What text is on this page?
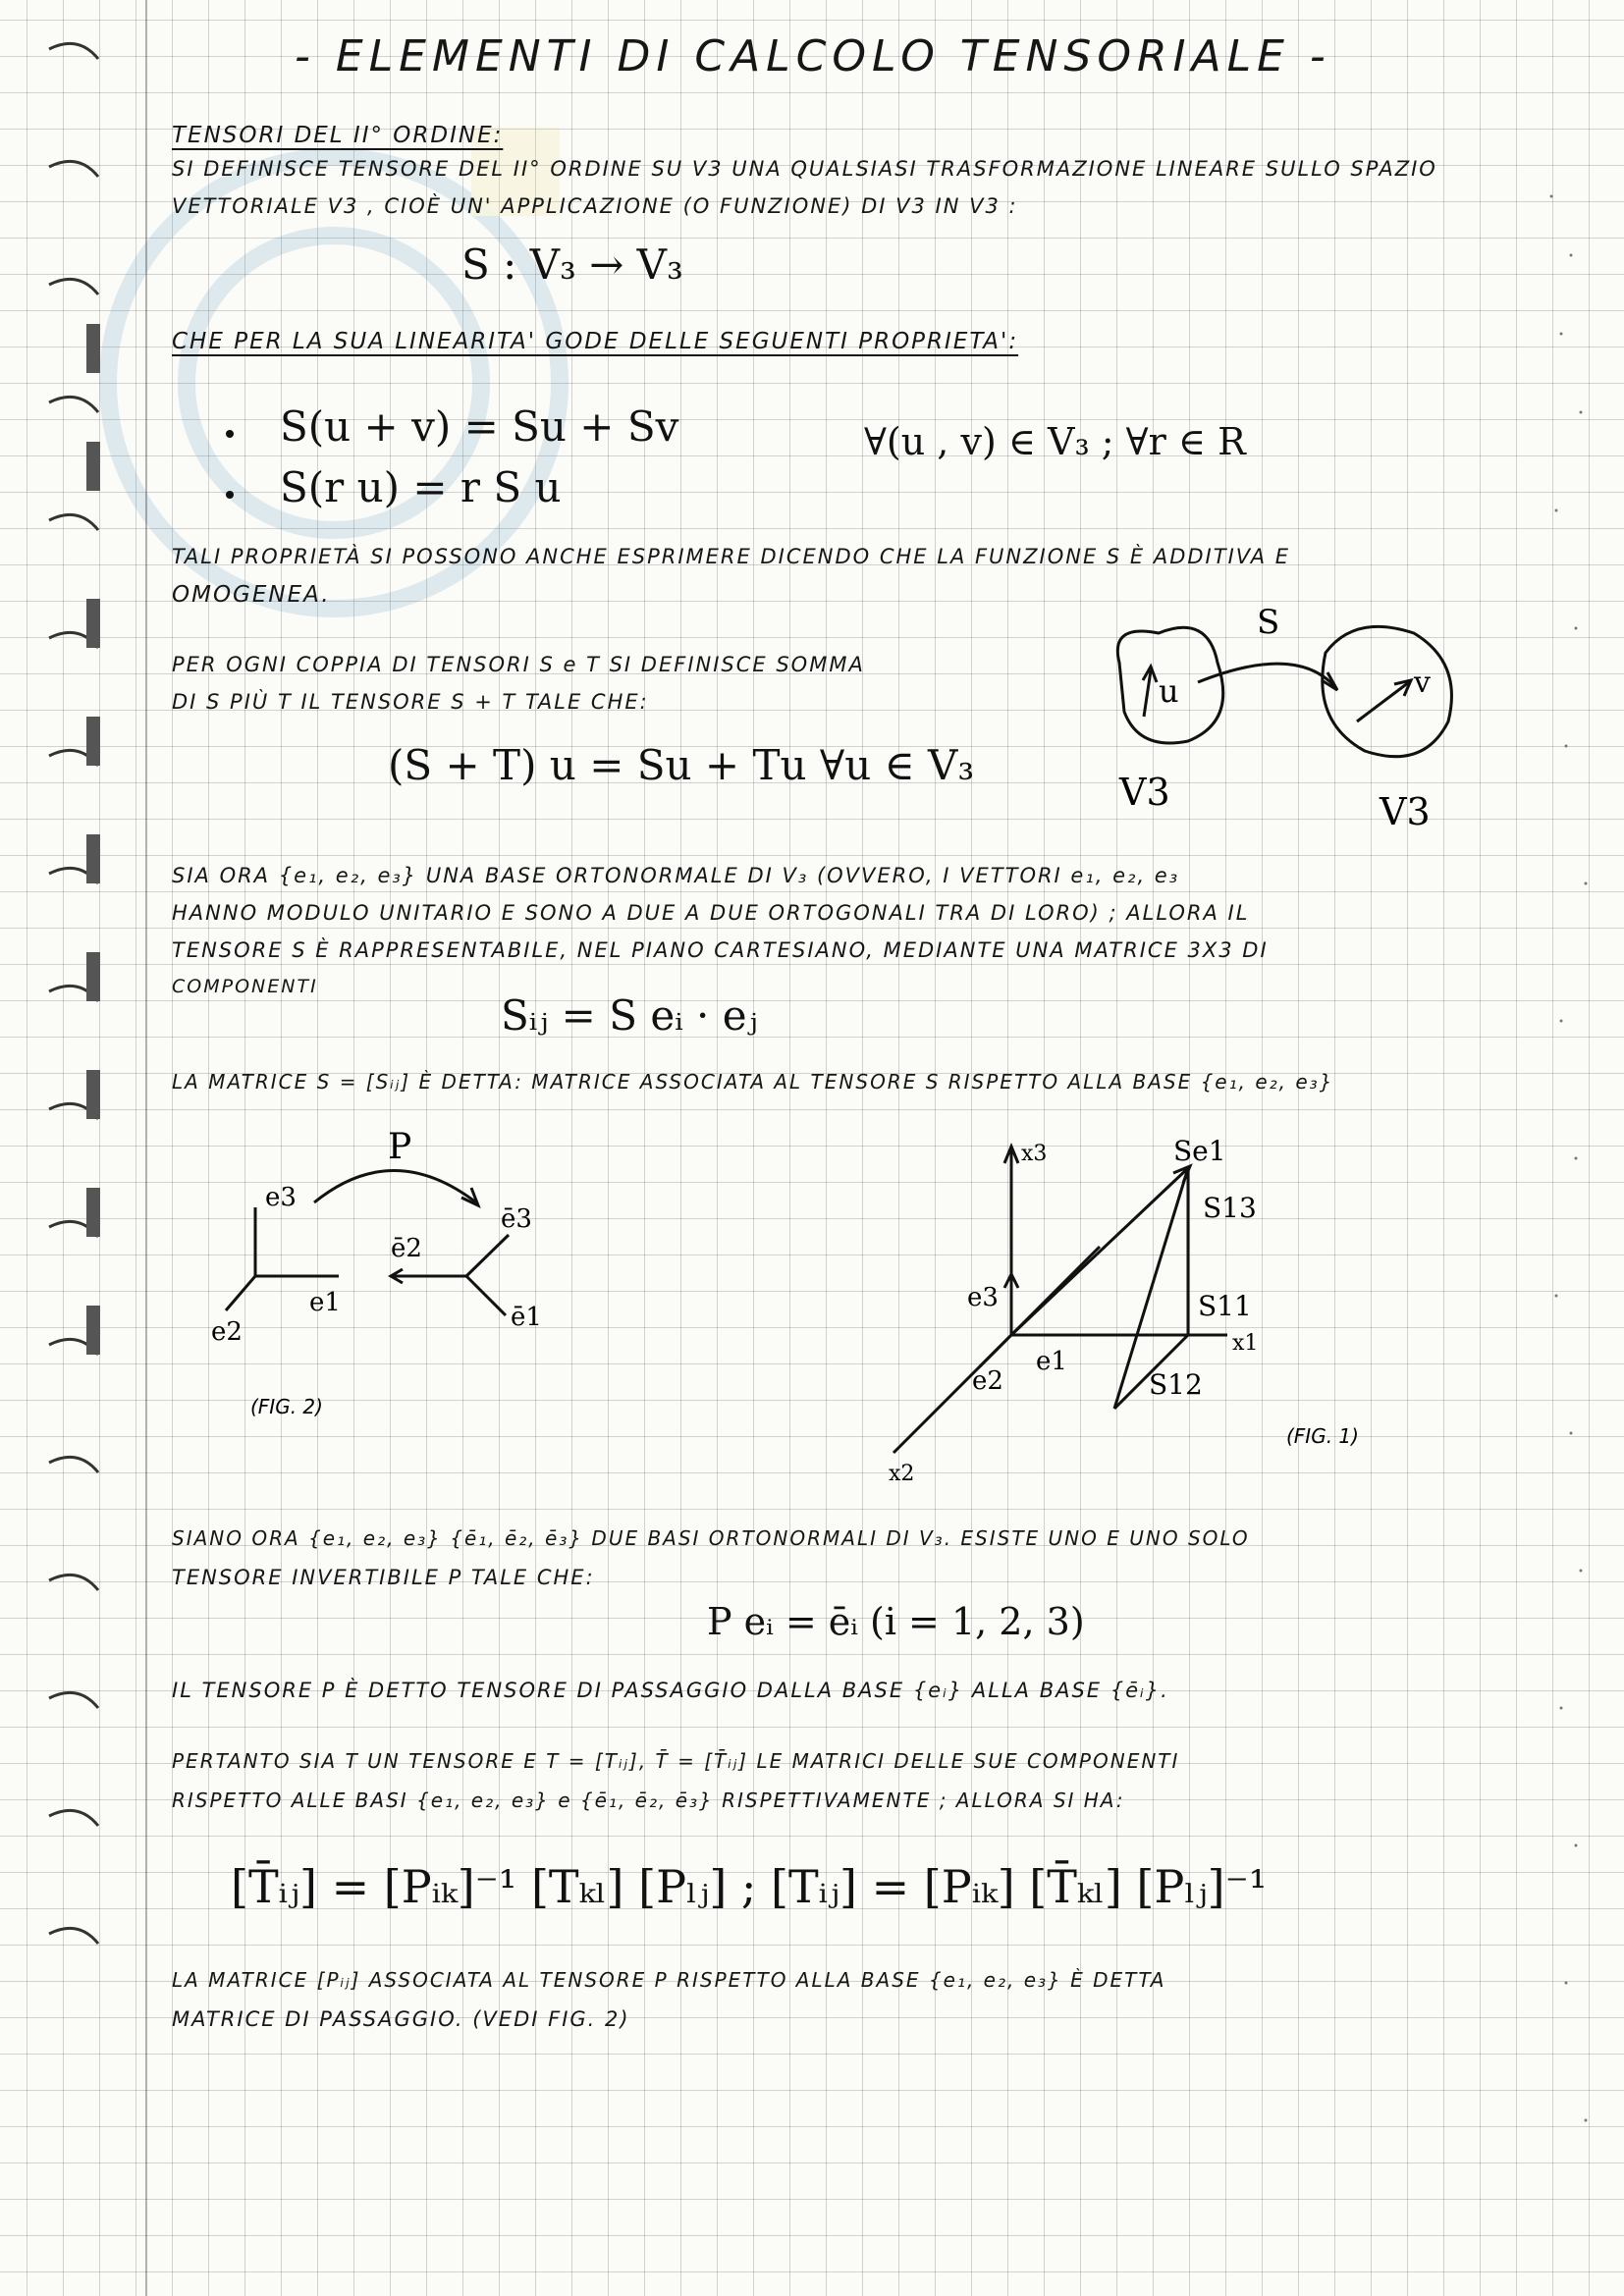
- ELEMENTI DI CALCOLO TENSORIALE -
TENSORI DEL II° ORDINE:
SI DEFINISCE TENSORE DEL II° ORDINE SU V3 UNA QUALSIASI TRASFORMAZIONE LINEARE SULLO SPAZIO
VETTORIALE V3 , CIOÈ UN' APPLICAZIONE (O FUNZIONE) DI V3 IN V3 :
S : V₃ → V₃
CHE PER LA SUA LINEARITA' GODE DELLE SEGUENTI PROPRIETA':
S(u + v) = Su + Sv
S(r u) = r S u
∀(u , v) ∈ V₃ ; ∀r ∈ R
TALI PROPRIETÀ SI POSSONO ANCHE ESPRIMERE DICENDO CHE LA FUNZIONE S È ADDITIVA E
OMOGENEA.
PER OGNI COPPIA DI TENSORI S e T SI DEFINISCE SOMMA
DI S PIÙ T IL TENSORE S + T TALE CHE:
(S + T) u = Su + Tu ∀u ∈ V₃
S
u	v
V3	V3
SIA ORA {e₁, e₂, e₃} UNA BASE ORTONORMALE DI V₃ (OVVERO, I VETTORI e₁, e₂, e₃
HANNO MODULO UNITARIO E SONO A DUE A DUE ORTOGONALI TRA DI LORO) ; ALLORA IL
TENSORE S È RAPPRESENTABILE, NEL PIANO CARTESIANO, MEDIANTE UNA MATRICE 3X3 DI
COMPONENTI
Sᵢⱼ = S eᵢ · eⱼ
LA MATRICE S = [Sᵢⱼ] È DETTA: MATRICE ASSOCIATA AL TENSORE S RISPETTO ALLA BASE {e₁, e₂, e₃}
e3
e1
e2
P
ē2
ē3
ē1
(FIG. 2)
x3
x1
x2
Se1
S13
S11
S12
e3
e1
e2
(FIG. 1)
SIANO ORA {e₁, e₂, e₃} {ē₁, ē₂, ē₃} DUE BASI ORTONORMALI DI V₃. ESISTE UNO E UNO SOLO
TENSORE INVERTIBILE P TALE CHE:
P eᵢ = ēᵢ (i = 1, 2, 3)
IL TENSORE P È DETTO TENSORE DI PASSAGGIO DALLA BASE {eᵢ} ALLA BASE {ēᵢ}.
PERTANTO SIA T UN TENSORE E T = [Tᵢⱼ], T̄ = [T̄ᵢⱼ] LE MATRICI DELLE SUE COMPONENTI
RISPETTO ALLE BASI {e₁, e₂, e₃} e {ē₁, ē₂, ē₃} RISPETTIVAMENTE ; ALLORA SI HA:
[T̄ᵢⱼ] = [Pᵢₖ]⁻¹ [Tₖₗ] [Pₗⱼ] ; [Tᵢⱼ] = [Pᵢₖ] [T̄ₖₗ] [Pₗⱼ]⁻¹
LA MATRICE [Pᵢⱼ] ASSOCIATA AL TENSORE P RISPETTO ALLA BASE {e₁, e₂, e₃} È DETTA
MATRICE DI PASSAGGIO. (VEDI FIG. 2)
